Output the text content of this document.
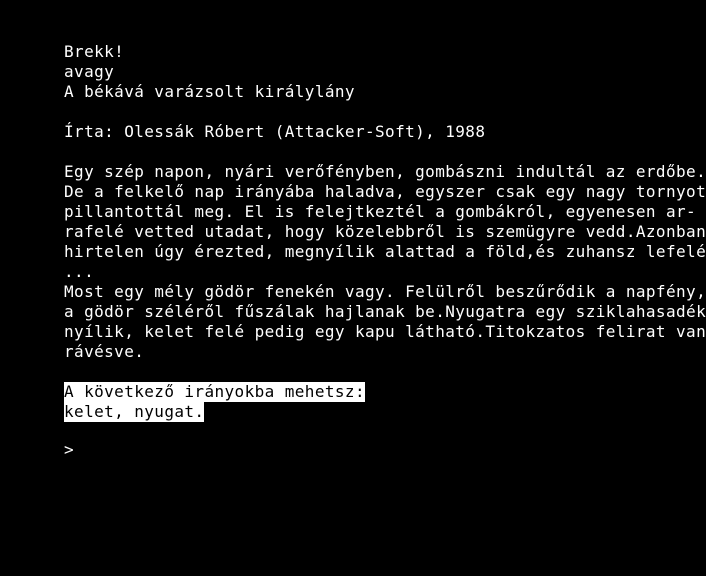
Brekk!
avagy
A békává varázsolt királylány
Írta: Olessák Róbert (Attacker-Soft), 1988
Egy szép napon, nyári verőfényben, gombászni indultál az erdőbe.
De a felkelő nap irányába haladva, egyszer csak egy nagy tornyot
pillantottál meg. El is felejtkeztél a gombákról, egyenesen ar-
rafelé vetted utadat, hogy közelebbről is szemügyre vedd.Azonban
hirtelen úgy érezted, megnyílik alattad a föld,és zuhansz lefelé
...
Most egy mély gödör fenekén vagy. Felülről beszűrődik a napfény,
a gödör széléről fűszálak hajlanak be.Nyugatra egy sziklahasadék
nyílik, kelet felé pedig egy kapu látható.Titokzatos felirat van
rávésve.
A következő irányokba mehetsz:
kelet, nyugat.
>
